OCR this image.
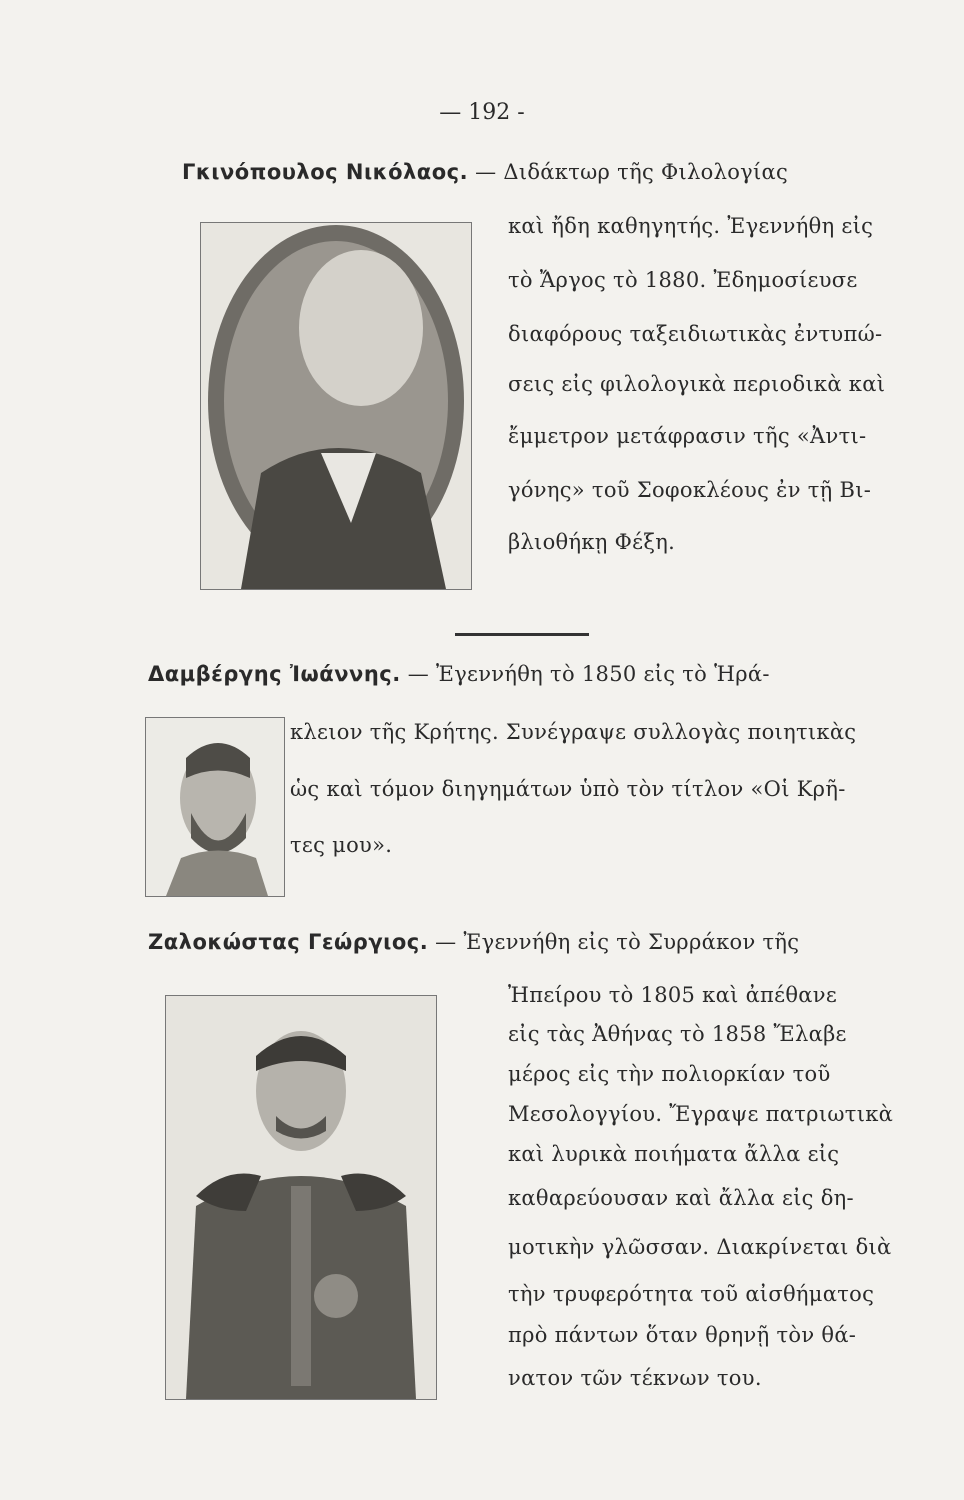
— 192 -
Γκινόπουλος Νικόλαος. — Διδάκτωρ τῆς Φιλολογίας
καὶ ἤδη καθηγητής. Ἐγεννήθη εἰς
τὸ Ἄργος τὸ 1880. Ἐδημοσίευσε
διαφόρους ταξειδιωτικὰς ἐντυπώ-
σεις εἰς φιλολογικὰ περιοδικὰ καὶ
ἔμμετρον μετάφρασιν τῆς «Ἀντι-
γόνης» τοῦ Σοφοκλέους ἐν τῇ Βι-
βλιοθήκῃ Φέξη.
Δαμβέργης Ἰωάννης. — Ἐγεννήθη τὸ 1850 εἰς τὸ Ἡρά-
κλειον τῆς Κρήτης. Συνέγραψε συλλογὰς ποιητικὰς
ὡς καὶ τόμον διηγημάτων ὑπὸ τὸν τίτλον «Οἱ Κρῆ-
τες μου».
Ζαλοκώστας Γεώργιος. — Ἐγεννήθη εἰς τὸ Συρράκον τῆς
Ἠπείρου τὸ 1805 καὶ ἀπέθανε
εἰς τὰς Ἀθήνας τὸ 1858 Ἔλαβε
μέρος εἰς τὴν πολιορκίαν τοῦ
Μεσολογγίου. Ἔγραψε πατριωτικὰ
καὶ λυρικὰ ποιήματα ἄλλα εἰς
καθαρεύουσαν καὶ ἄλλα εἰς δη-
μοτικὴν γλῶσσαν. Διακρίνεται διὰ
τὴν τρυφερότητα τοῦ αἰσθήματος
πρὸ πάντων ὅταν θρηνῇ τὸν θά-
νατον τῶν τέκνων του.
